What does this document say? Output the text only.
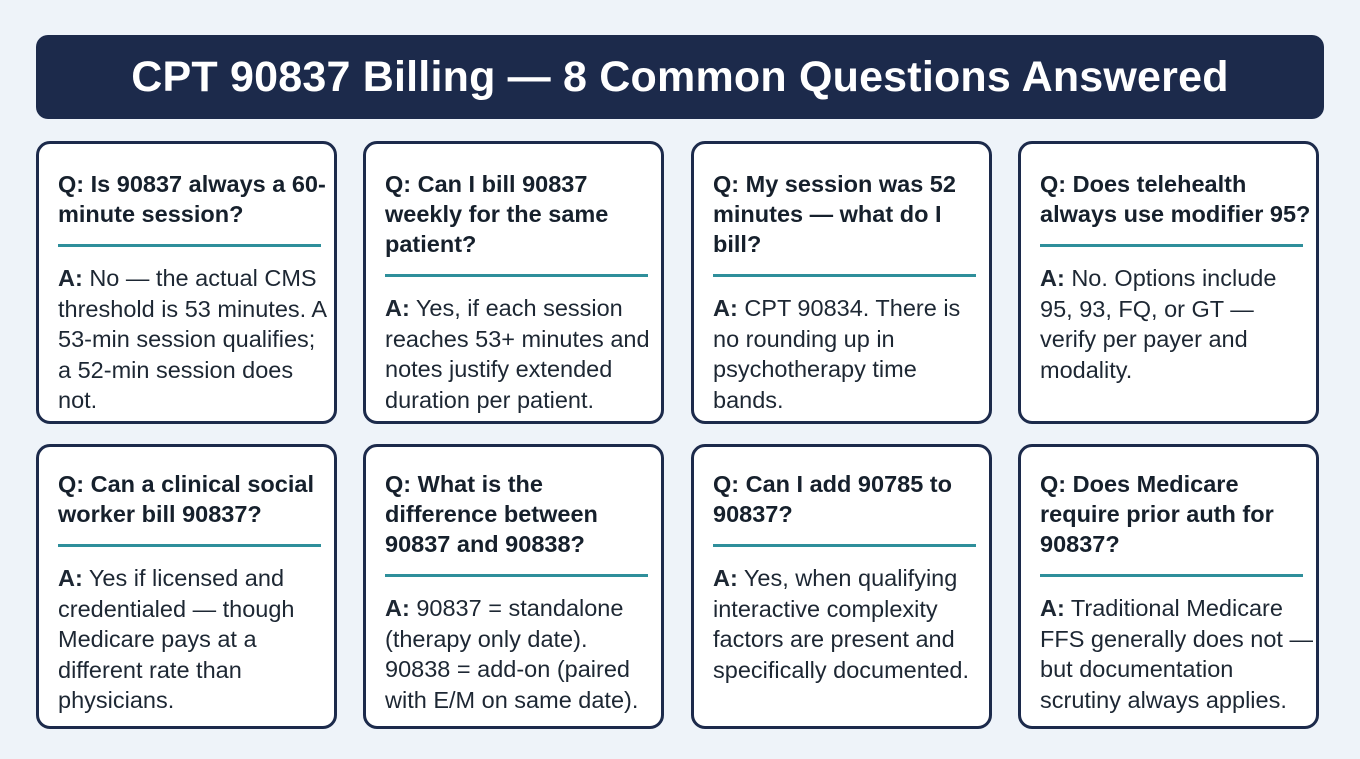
CPT 90837 Billing — 8 Common Questions Answered

Q: Is 90837 always a 60-minute session?

A: No — the actual CMS threshold is 53 minutes. A 53-min session qualifies; a 52-min session does not.

Q: Can I bill 90837 weekly for the same patient?

A: Yes, if each session reaches 53+ minutes and notes justify extended duration per patient.

Q: My session was 52 minutes — what do I bill?

A: CPT 90834. There is no rounding up in psychotherapy time bands.

Q: Does telehealth always use modifier 95?

A: No. Options include 95, 93, FQ, or GT — verify per payer and modality.

Q: Can a clinical social worker bill 90837?

A: Yes if licensed and credentialed — though Medicare pays at a different rate than physicians.

Q: What is the difference between 90837 and 90838?

A: 90837 = standalone (therapy only date). 90838 = add-on (paired with E/M on same date).

Q: Can I add 90785 to 90837?

A: Yes, when qualifying interactive complexity factors are present and specifically documented.

Q: Does Medicare require prior auth for 90837?

A: Traditional Medicare FFS generally does not — but documentation scrutiny always applies.
